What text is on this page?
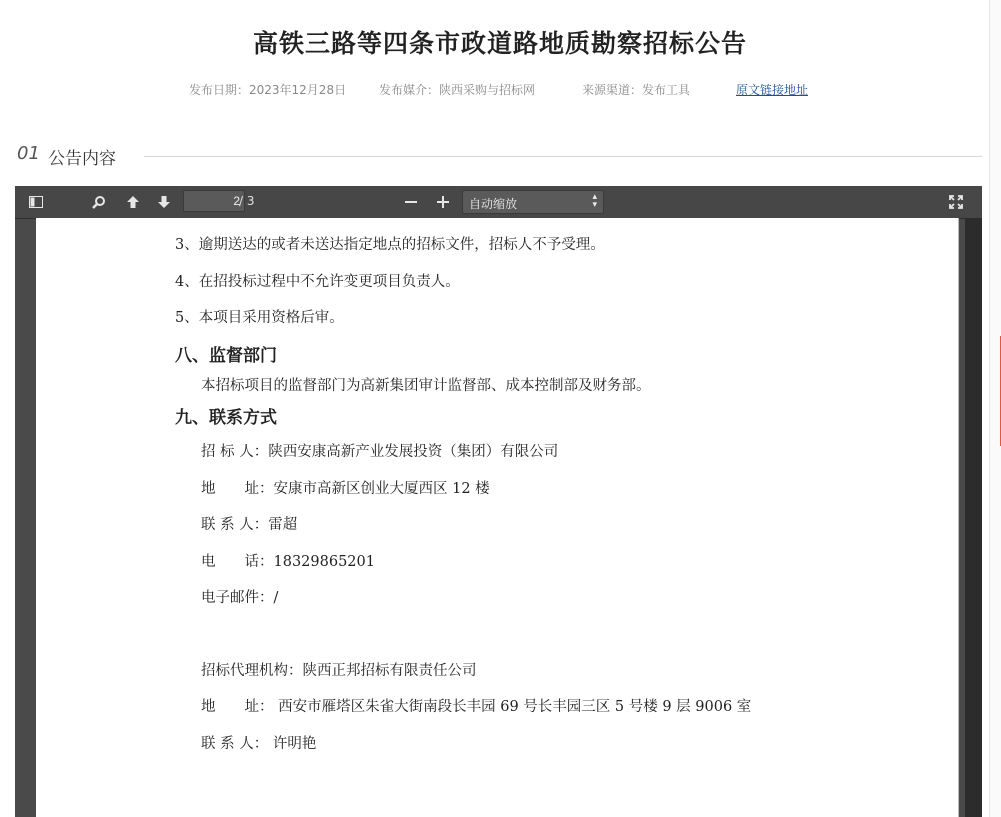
高铁三路等四条市政道路地质勘察招标公告
发布日期：2023年12月28日	发布媒介：陕西采购与招标网	来源渠道：发布工具	原文链接地址
01 公告内容
2
/ 3	自动缩放	▴
▾
3、逾期送达的或者未送达指定地点的招标文件，招标人不予受理。
4、在招投标过程中不允许变更项目负责人。
5、本项目采用资格后审。
八、监督部门
本招标项目的监督部门为高新集团审计监督部、成本控制部及财务部。
九、联系方式
招 标 人：陕西安康高新产业发展投资（集团）有限公司
地　　址：安康市高新区创业大厦西区 12 楼
联 系 人：雷超
电　　话：18329865201
电子邮件：/
招标代理机构：陕西正邦招标有限责任公司
地　　址： 西安市雁塔区朱雀大街南段长丰园 69 号长丰园三区 5 号楼 9 层 9006 室
联 系 人： 许明艳
